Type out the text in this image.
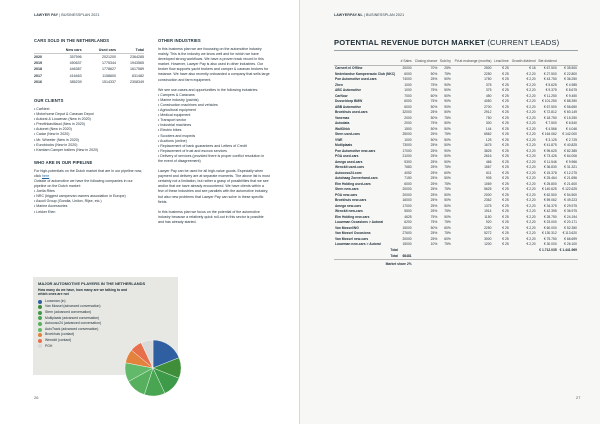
LAWYER PAY | BUSINESSPLAN 2021
CARS SOLD IN THE NETHERLANDS
	New cars	Used cars	Total
2020	357596	2021200	2364285
2019	450637	1775344	1943565
2018	446387	1778627	1617589
2017	416463	1158600	631482
2016	385239	1514337	2308349
OUR CLIENTS
• CarNext
• Motorhome Depot & Caravan Depot
• Autorai & Louwman (New in 2020)
• Previthkavitlaud (New in 2020)
• Autonet (New in 2020)
• Cadar (New in 2020)
• Mr. Wheeler (New in 2020)
• Euroblocks (New in 2020)
• Kamlam Camper trailers (New in 2020)
WHO ARE IN OUR PIPELINE

For high-potentials on the Dutch market that are in our pipeline now, click here

Outside of automotive we have the following companies in our pipeline on the Dutch market:

• Joelia Rites
• NRC (biggest campervan owners association in Europe)
• Ascoli Group (Gondia, Unilon, Rijse, etc.)
• Marine Accessories
• Lekker Eten
OTHER INDUSTRIES

In this business plan we are focussing on the automotive industry mainly. This is the industry we know well and for which we have developed strong workflows. We have a proven track record in this market. However, Lawyer Pay is also used in other industries. Our broker flow supports yacht brokers and camper & caravan brokers for instance. We have also recently onboarded a company that sells large construction and farm equipment.

We see use-cases and opportunities in the following industries:

• Campers & Caravans
• Marine industry (yachts)
• Construction machines and vehicles
• Agricultural equipment
• Medical equipment
• Transport sector
• Industrial machines
• Electric bikes
• Scooters and mopeds
• Auctions (online)
• Replacement of bank guarantees and Letters of Credit
• Replacement of trust and escrow services
• Delivery of services (provided there is proper conflict resolution in the event of disagreement)

Lawyer Pay can be used for all high-value goods. Especially when payment and delivery are at separate moments. The above list is most certainly not a limitation, but rather a grasp of possibilities that we see and/or that we have already encountered. We have clients within a few of these industries and see parallels with the automotive industry, but also new problems that Lawyer Pay can solve in these specific fields.

In this business plan we focus on the potential of the automotive industry because a relatively quick roll-out in this sector is possible and has already started.

MAJOR AUTOMOTIVE PLAYERS IN THE NETHERLANDS
How many do we have, how many are we talking to and which ones are not
Louwman (in)
Van Mossel (advanced conversation)
Stern (advanced conversation)
Multiplaats (advanced conversation)
Autocoso24 (advanced conversation)
AutoTrack (advanced conversation)
Broekhuis (contact)
Wenckit (contact)
PGH
26
LAWYERPAY.NL | BUSINESSPLAN 2021
27
POTENTIAL REVENUE DUTCH MARKET (CURRENT LEADS)
	# Sales	Closing chance	Sold by	Pd at exchange (months)	Lead time	Growth dividend	Bet dividend	
Carneef.nl Offline	20000	70%	25%	2500	€ 25	€ 16	€ 67.500	€ 35.500
Nederlandse Kampeerauto Club (NKC)	6000	50%	75%	2250	€ 25	€ 2,20	€ 27.500	€ 22.800
Pon Automotive used-cars	74000	25%	50%	1750	€ 25	€ 2,20	€ 43.750	€ 36.250
Zhen	1000	75%	90%	375	€ 25	€ 2,20	€ 5.625	€ 4.985
ABC Automotive	1000	75%	50%	375	€ 25	€ 2,20	€ 9.375	€ 8.675
CarNow	7000	60%	50%	450	€ 25	€ 2,20	€ 11.250	€ 9.450
Dusseldorp BMW	6000	75%	90%	4050	€ 25	€ 2,20	€ 101.250	€ 88.390
ABB Automotive	6000	50%	90%	2700	€ 25	€ 2,20	€ 67.500	€ 56.650
Broekhuis used-cars	32000	25%	50%	2912	€ 25	€ 2,20	€ 72.812	€ 60.149
Vanemax	2000	50%	75%	750	€ 25	€ 2,20	€ 18.750	€ 15.250
Autodata	2000	75%	50%	300	€ 25	€ 2,20	€ 7.500	€ 6.540
WallOhkk	1500	50%	50%	144	€ 25	€ 2,20	€ 4.566	€ 4.046
Stern used-cars	25000	25%	75%	6562	€ 25	€ 2,20	€ 164.062	€ 142.000
VWE	1000	50%	50%	125	€ 25	€ 2,20	€ 3.125	€ 2.725
Multiplaats	73000	25%	50%	1675	€ 25	€ 2,20	€ 41.875	€ 40.825
Pon Automotive new-cars	17000	25%	90%	3825	€ 25	€ 2,20	€ 95.625	€ 82.385
PGA used-cars	21000	25%	50%	2616	€ 25	€ 2,20	€ 73.426	€ 64.006
Amega used-cars	5300	25%	50%	466	€ 25	€ 2,20	€ 11.546	€ 9.966
Wenckit used-cars	7683	25%	75%	1567	€ 25	€ 2,20	€ 36.830	€ 31.321
Autocoso24.com	4052	25%	60%	611	€ 25	€ 2,20	€ 15.378	€ 12.275
Autohaag Zoeverhand-cars	7150	25%	50%	905	€ 25	€ 2,20	€ 25.464	€ 21.696
Elm Holding used-cars	6000	25%	75%	1069	€ 25	€ 2,20	€ 25.800	€ 21.600
Stern new-cars	20000	25%	75%	5625	€ 25	€ 2,20	€ 140.625	€ 122.625
PGA new-cars	20000	25%	50%	2000	€ 25	€ 2,20	€ 62.500	€ 54.500
Broekhuis new-cars	16000	25%	50%	2362	€ 25	€ 2,20	€ 59.062	€ 49.223
Amega new-cars	17000	25%	50%	1375	€ 25	€ 2,20	€ 34.375	€ 29.975
Wenckit new-cars	5500	25%	75%	1914	€ 25	€ 2,20	€ 42.395	€ 36.975
Elm Holding new-cars	4625	75%	50%	1150	€ 25	€ 2,20	€ 28.750	€ 24.194
Louwman Occasions > Autorai	6200	75%	75%	920	€ 25	€ 2,20	€ 23.000	€ 20.171
Van Mossel/NG	15000	50%	60%	2250	€ 25	€ 2,20	€ 60.000	€ 52.350
Van Mossel Occasions	27600	25%	75%	5272	€ 25	€ 2,20	€ 130.312	€ 113.620
Van Mossel new-cars	20000	25%	60%	3000	€ 25	€ 2,20	€ 75.750	€ 66.699
Louwman new-cars > Autorai	15000	10%	75%	1200	€ 25	€ 2,20	€ 30.000	€ 26.100
Total							€ 1.712.035	€ 1.441.969
Total	68481							
Market share 2%								
